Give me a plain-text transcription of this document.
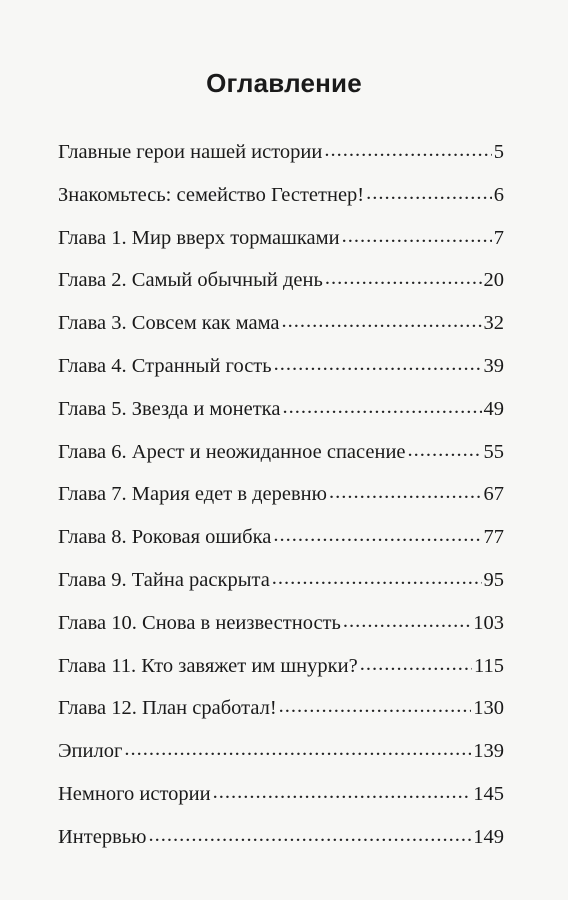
Оглавление
Главные герои нашей истории .....	5
Знакомьтесь: семейство Гестетнер! .....	6
Глава 1. Мир вверх тормашками .....	7
Глава 2. Самый обычный день .....	20
Глава 3. Совсем как мама .....	32
Глава 4. Странный гость .....	39
Глава 5. Звезда и монетка .....	49
Глава 6. Арест и неожиданное спасение .....	55
Глава 7. Мария едет в деревню .....	67
Глава 8. Роковая ошибка .....	77
Глава 9. Тайна раскрыта .....	95
Глава 10. Снова в неизвестность .....	103
Глава 11. Кто завяжет им шнурки? .....	115
Глава 12. План сработал! .....	130
Эпилог .....	139
Немного истории .....	145
Интервью .....	149
